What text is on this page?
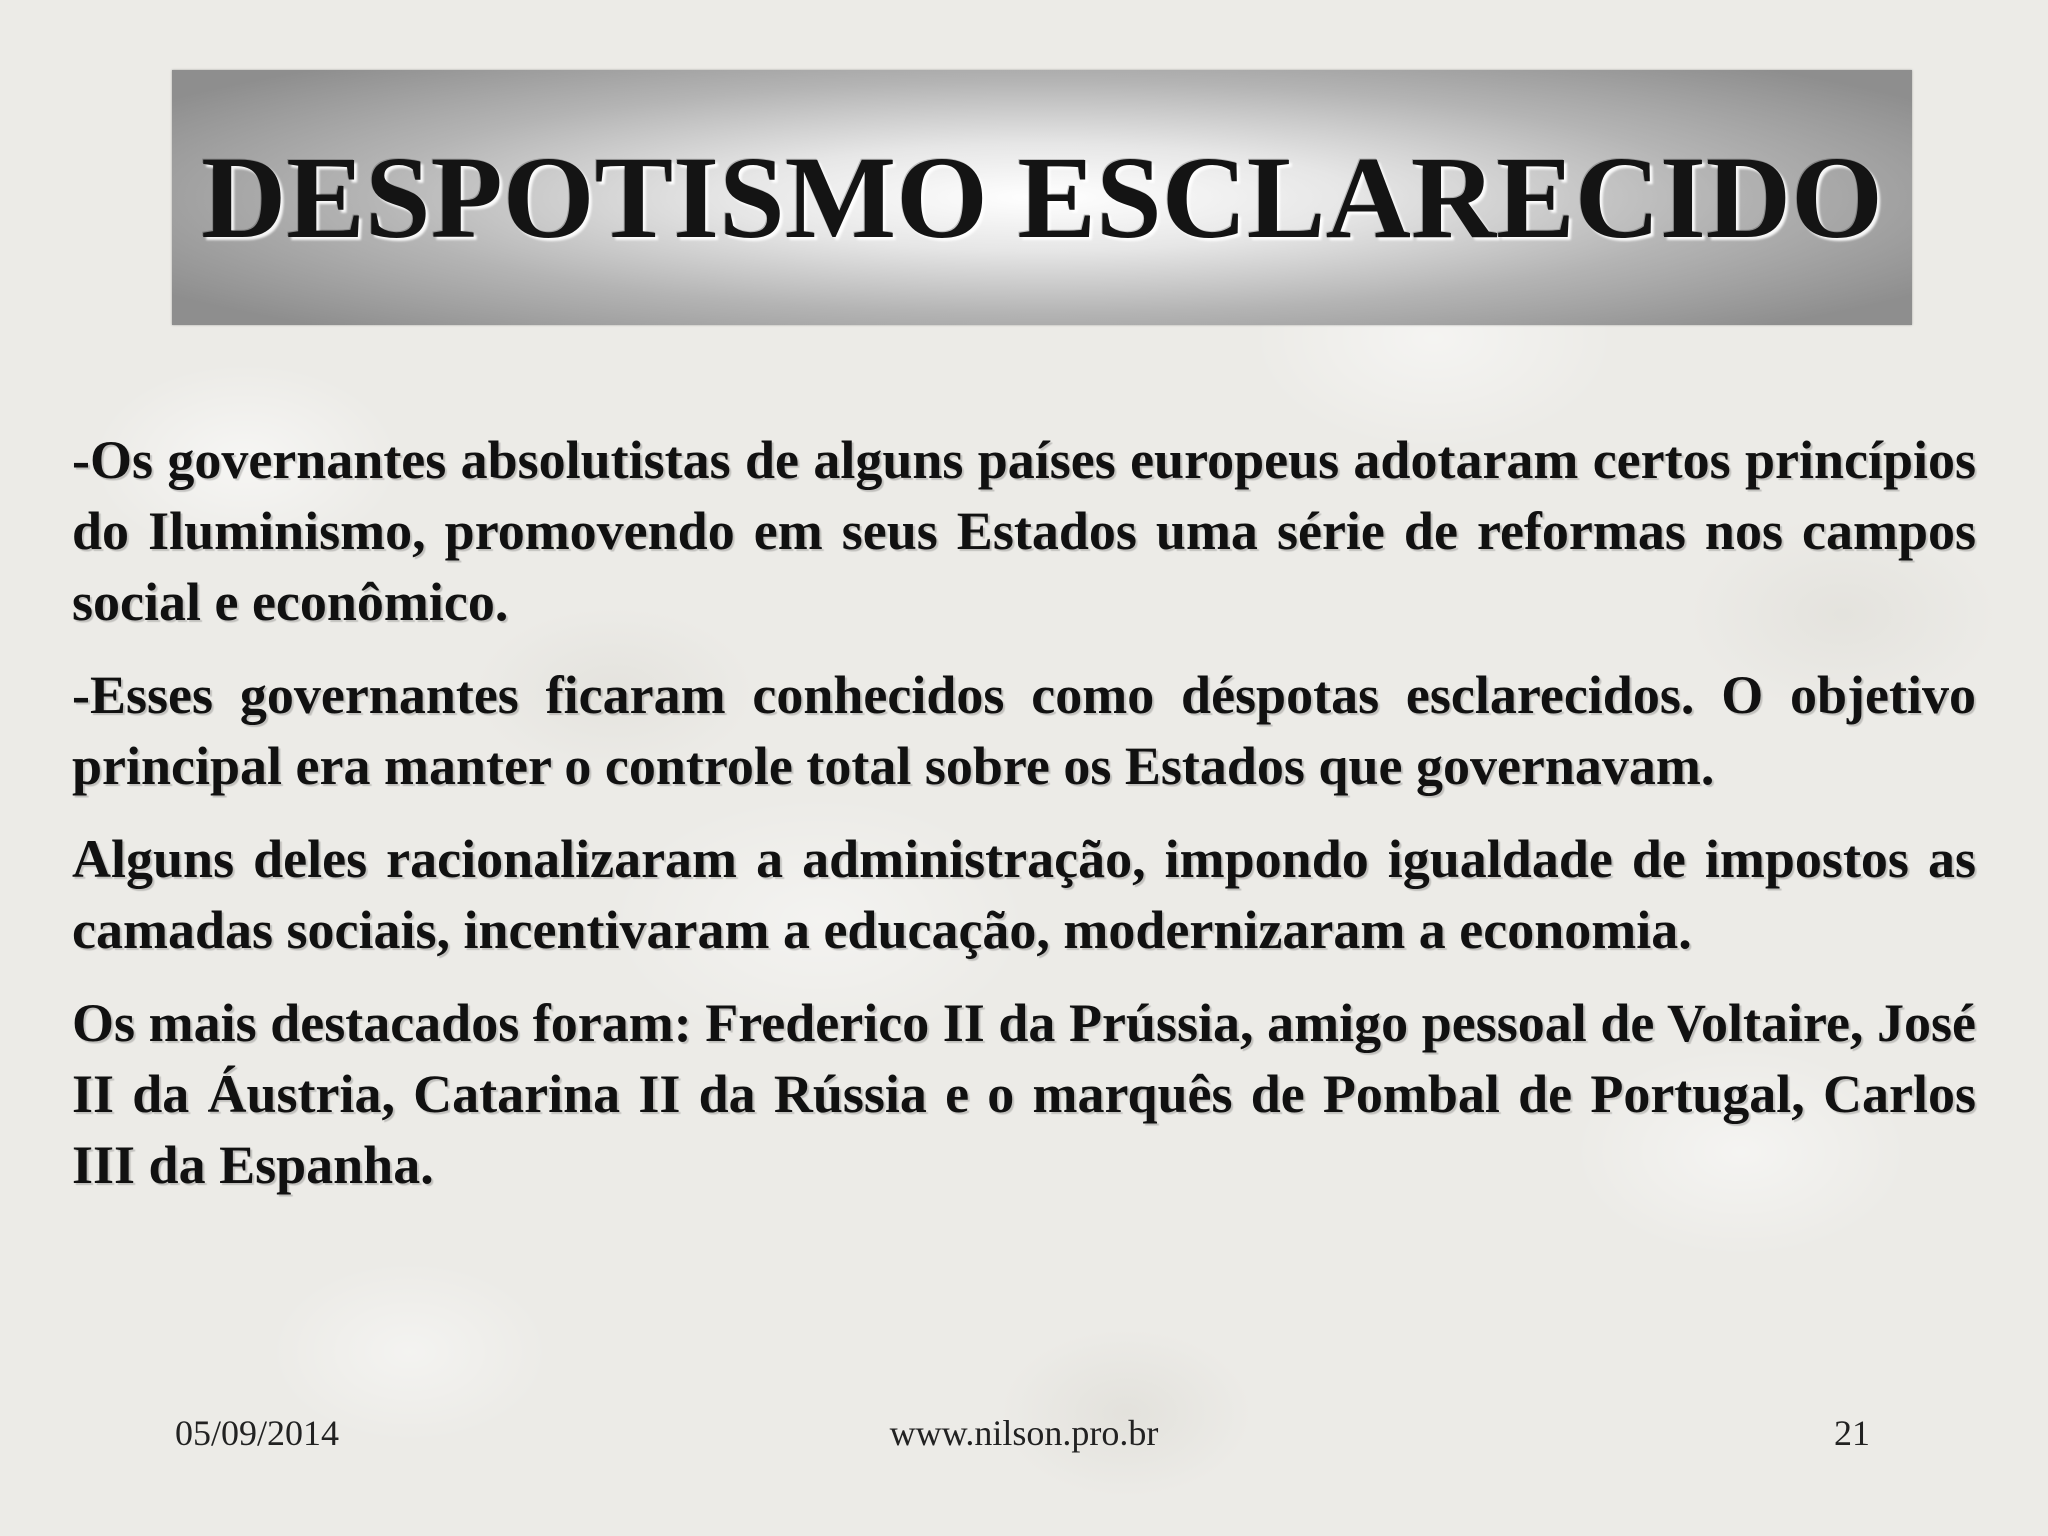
DESPOTISMO ESCLARECIDO

-Os governantes absolutistas de alguns países europeus adotaram certos princípios do Iluminismo, promovendo em seus Estados uma série de reformas nos campos social e econômico.

-Esses governantes ficaram conhecidos como déspotas esclarecidos. O objetivo principal era manter o controle total sobre os Estados que governavam.

Alguns deles racionalizaram a administração, impondo igualdade de impostos as camadas sociais, incentivaram a educação, modernizaram a economia.

Os mais destacados foram: Frederico II da Prússia, amigo pessoal de Voltaire, José II da Áustria, Catarina II da Rússia e o marquês de Pombal de Portugal, Carlos III da Espanha.

05/09/2014	www.nilson.pro.br	21
